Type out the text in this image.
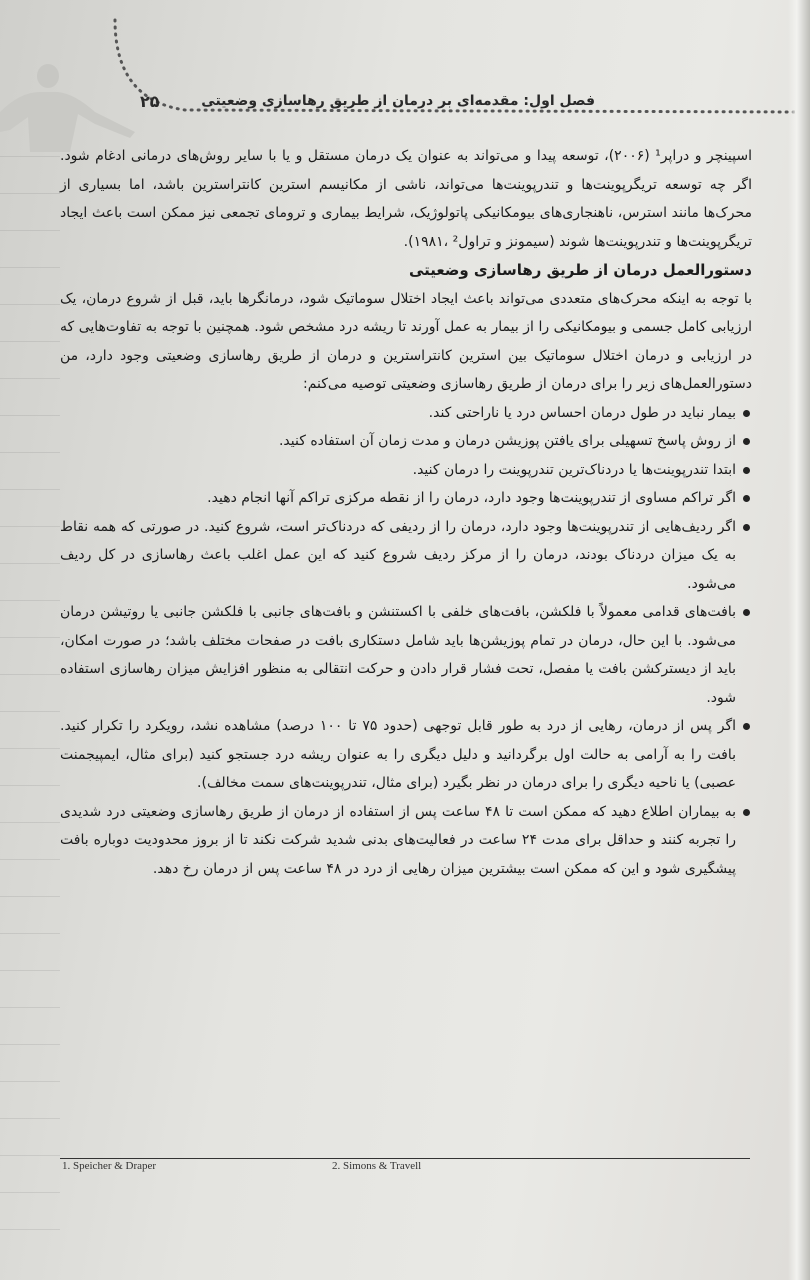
فصل اول: مقدمه‌ای بر درمان از طریق رهاسازی وضعیتی
۲۵

اسپینچر و دراپر¹ (۲۰۰۶)، توسعه پیدا و می‌تواند به عنوان یک درمان مستقل و یا با سایر روش‌های درمانی ادغام شود. اگر چه توسعه تریگرپوینت‌ها و تندرپوینت‌ها می‌تواند، ناشی از مکانیسم استرین کانتراسترین باشد، اما بسیاری از محرک‌ها مانند استرس، ناهنجاری‌های بیومکانیکی پاتولوژیک، شرایط بیماری و تروما‌ی تجمعی نیز ممکن است باعث ایجاد تریگرپوینت‌ها و تندرپوینت‌ها شوند (سیمونز و تراول² ،۱۹۸۱).

دستورالعمل درمان از طریق رهاسازی وضعیتی

با توجه به اینکه محرک‌های متعددی می‌تواند باعث ایجاد اختلال سوماتیک شود، درمانگرها باید، قبل از شروع درمان، یک ارزیابی کامل جسمی و بیومکانیکی را از بیمار به عمل آورند تا ریشه درد مشخص شود. همچنین با توجه به تفاوت‌هایی که در ارزیابی و درمان اختلال سوماتیک بین استرین کانتراسترین و درمان از طریق رهاسازی وضعیتی وجود دارد، من دستورالعمل‌های زیر را برای درمان از طریق رهاسازی وضعیتی توصیه می‌کنم:

بیمار نباید در طول درمان احساس درد یا ناراحتی کند.

از روش پاسخ تسهیلی برای یافتن پوزیشن درمان و مدت زمان آن استفاده کنید.

ابتدا تندرپوینت‌ها یا دردناک‌ترین تندرپوینت را درمان کنید.

اگر تراکم مساوی از تندرپوینت‌ها وجود دارد، درمان را از نقطه مرکزی تراکم آنها انجام دهید.

اگر ردیف‌هایی از تندرپوینت‌ها وجود دارد، درمان را از ردیفی که دردناک‌تر است، شروع کنید. در صورتی که همه نقاط به یک میزان دردناک بودند، درمان را از مرکز ردیف شروع کنید که این عمل اغلب باعث رهاسازی در کل ردیف می‌شود.

بافت‌های قدامی معمولاً با فلکشن، بافت‌های خلفی با اکستنشن و بافت‌های جانبی با فلکشن جانبی یا روتیشن درمان می‌شود. با این حال، درمان در تمام پوزیشن‌ها باید شامل دستکاری بافت در صفحات مختلف باشد؛ در صورت امکان، باید از دیسترکشن بافت یا مفصل، تحت فشار قرار دادن و حرکت انتقالی به منظور افزایش میزان رهاسازی استفاده شود.

اگر پس از درمان، رهایی از درد به طور قابل توجهی (حدود ۷۵ تا ۱۰۰ درصد) مشاهده نشد، رویکرد را تکرار کنید. بافت را به آرامی به حالت اول برگردانید و دلیل دیگری را به عنوان ریشه درد جستجو کنید (برای مثال، ایمپیجمنت عصبی) یا ناحیه دیگری را برای درمان در نظر بگیرد (برای مثال، تندرپوینت‌های سمت مخالف).

به بیماران اطلاع دهید که ممکن است تا ۴۸ ساعت پس از استفاده از درمان از طریق رهاسازی وضعیتی درد شدیدی را تجربه کنند و حداقل برای مدت ۲۴ ساعت در فعالیت‌های بدنی شدید شرکت نکند تا از بروز محدودیت دوباره بافت پیشگیری شود و این که ممکن است بیشترین میزان رهایی از درد در ۴۸ ساعت پس از درمان رخ دهد.

1. Speicher & Draper	2. Simons & Travell
